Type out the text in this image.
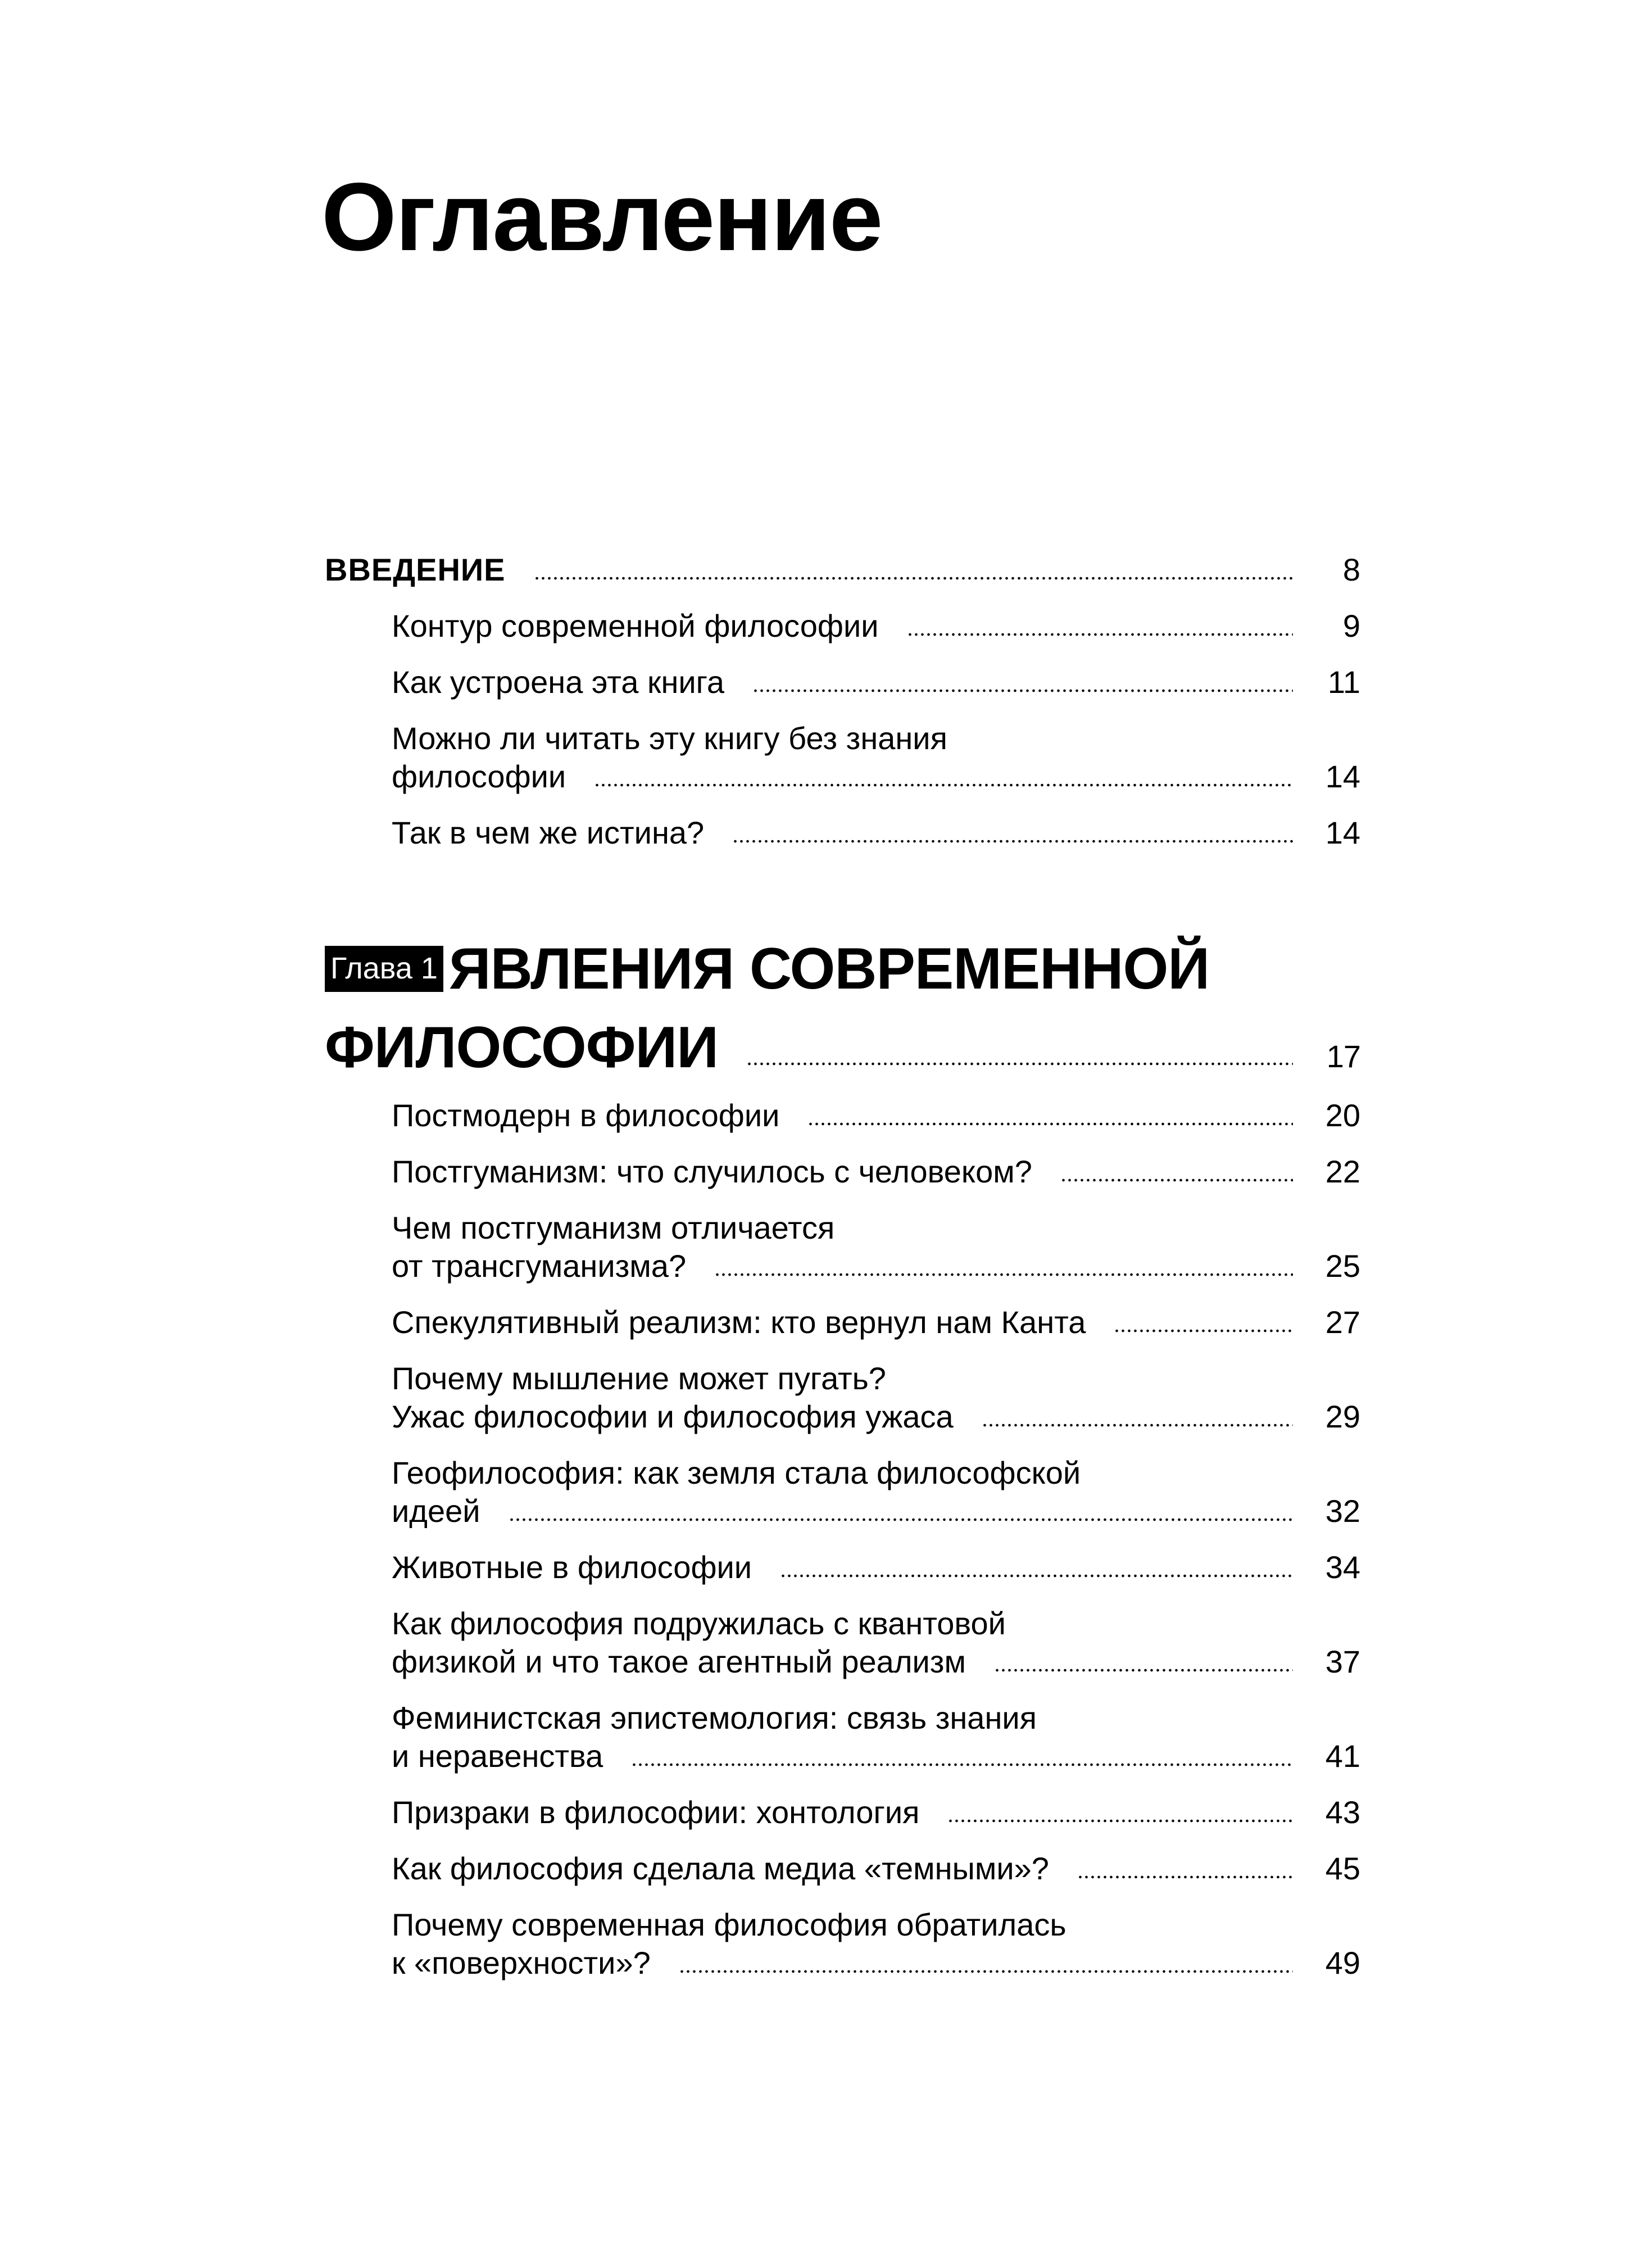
Оглавление
ВВЕДЕНИЕ	8
Контур современной философии	9
Как устроена эта книга	11
Можно ли читать эту книгу без знания
философии	14
Так в чем же истина?	14
Глава 1 ЯВЛЕНИЯ СОВРЕМЕННОЙ
ФИЛОСОФИИ	17
Постмодерн в философии	20
Постгуманизм: что случилось с человеком?	22
Чем постгуманизм отличается
от трансгуманизма?	25
Спекулятивный реализм: кто вернул нам Канта	27
Почему мышление может пугать?
Ужас философии и философия ужаса	29
Геофилософия: как земля стала философской
идеей	32
Животные в философии	34
Как философия подружилась с квантовой
физикой и что такое агентный реализм	37
Феминистская эпистемология: связь знания
и неравенства	41
Призраки в философии: хонтология	43
Как философия сделала медиа «темными»?	45
Почему современная философия обратилась
к «поверхности»?	49
